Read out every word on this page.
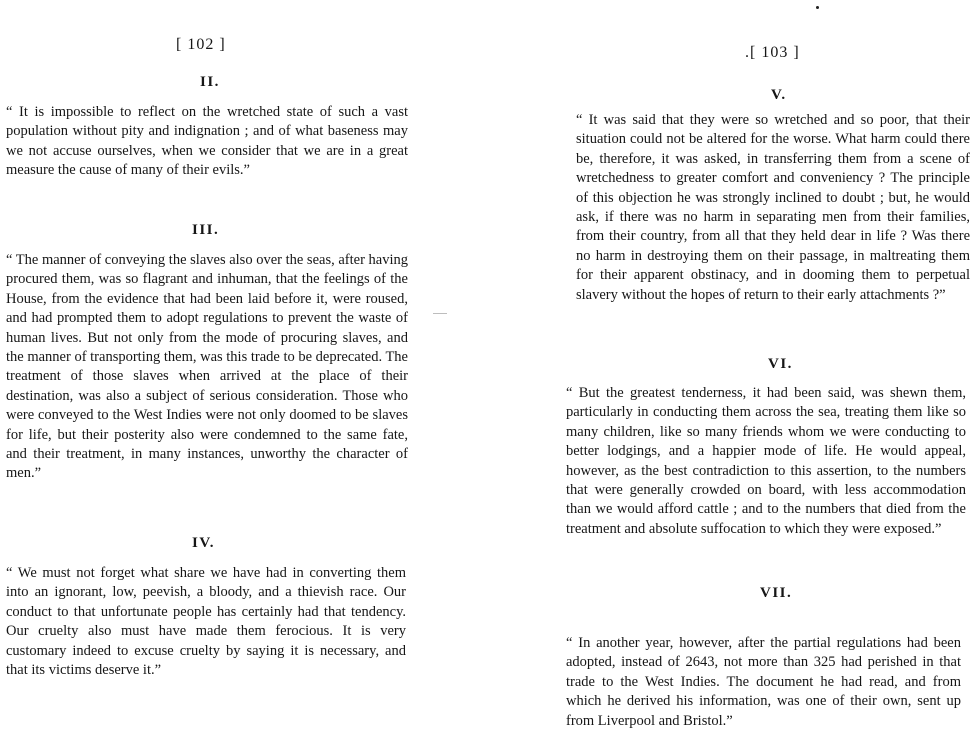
[ 102 ]
II.

“ It is impossible to reflect on the wretched state of such a vast population without pity and indignation ; and of what baseness may we not accuse ourselves, when we consider that we are in a great measure the cause of many of their evils.”

III.

“ The manner of conveying the slaves also over the seas, after having procured them, was so flagrant and inhuman, that the feelings of the House, from the evidence that had been laid before it, were roused, and had prompted them to adopt regulations to prevent the waste of human lives. But not only from the mode of procuring slaves, and the manner of transporting them, was this trade to be deprecated. The treatment of those slaves when arrived at the place of their destination, was also a subject of serious consideration. Those who were conveyed to the West Indies were not only doomed to be slaves for life, but their posterity also were condemned to the same fate, and their treatment, in many instances, unworthy the character of men.”

IV.

“ We must not forget what share we have had in converting them into an ignorant, low, peevish, a bloody, and a thievish race. Our conduct to that unfortunate people has certainly had that tendency. Our cruelty also must have made them ferocious. It is very customary indeed to excuse cruelty by saying it is necessary, and that its victims deserve it.”

.[ 103 ]
V.

“ It was said that they were so wretched and so poor, that their situation could not be altered for the worse. What harm could there be, therefore, it was asked, in transferring them from a scene of wretchedness to greater comfort and conveniency ? The principle of this objection he was strongly inclined to doubt ; but, he would ask, if there was no harm in separating men from their families, from their country, from all that they held dear in life ? Was there no harm in destroying them on their passage, in maltreating them for their apparent obstinacy, and in dooming them to perpetual slavery without the hopes of return to their early attachments ?”

VI.

“ But the greatest tenderness, it had been said, was shewn them, particularly in conducting them across the sea, treating them like so many children, like so many friends whom we were conducting to better lodgings, and a happier mode of life. He would appeal, however, as the best contradiction to this assertion, to the numbers that were generally crowded on board, with less accommodation than we would afford cattle ; and to the numbers that died from the treatment and absolute suffocation to which they were exposed.”

VII.

“ In another year, however, after the partial regulations had been adopted, instead of 2643, not more than 325 had perished in that trade to the West Indies. The document he had read, and from which he derived his information, was one of their own, sent up from Liverpool and Bristol.”
